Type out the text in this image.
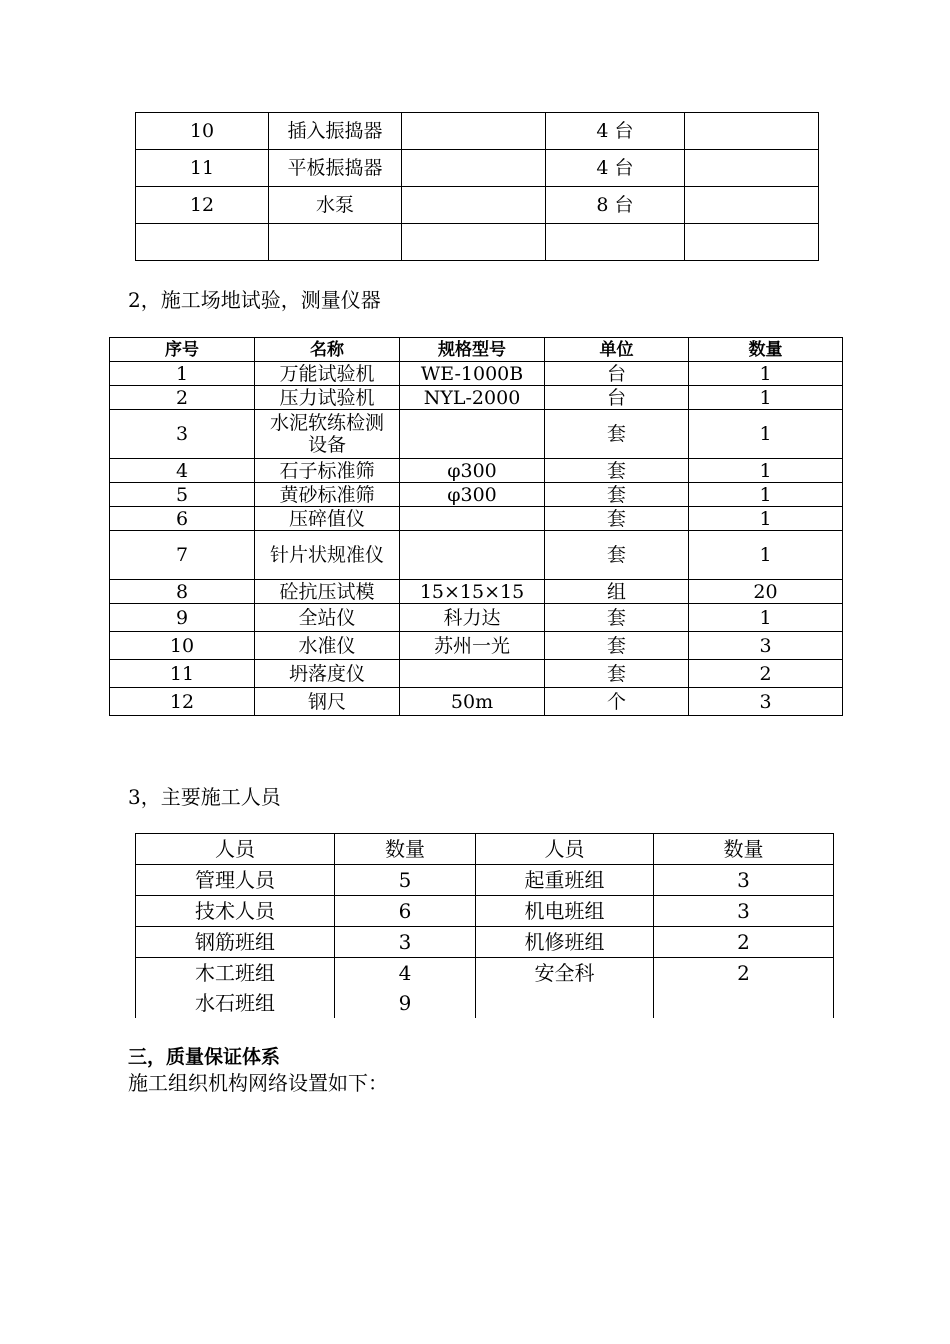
10	插入振捣器		4 台	
11	平板振捣器		4 台	
12	水泵		8 台	

2，施工场地试验，测量仪器
序号	名称	规格型号	单位	数量
1	万能试验机	WE-1000B	台	1
2	压力试验机	NYL-2000	台	1
3	水泥软练检测设备		套	1
4	石子标准筛	φ300	套	1
5	黄砂标准筛	φ300	套	1
6	压碎值仪		套	1
7	针片状规准仪		套	1
8	砼抗压试模	15×15×15	组	20
9	全站仪	科力达	套	1
10	水准仪	苏州一光	套	3
11	坍落度仪		套	2
12	钢尺	50m	个	3
3，主要施工人员
人员	数量	人员	数量
管理人员	5	起重班组	3
技术人员	6	机电班组	3
钢筋班组	3	机修班组	2
木工班组	4	安全科	2
水石班组	9		
三，质量保证体系
施工组织机构网络设置如下：
